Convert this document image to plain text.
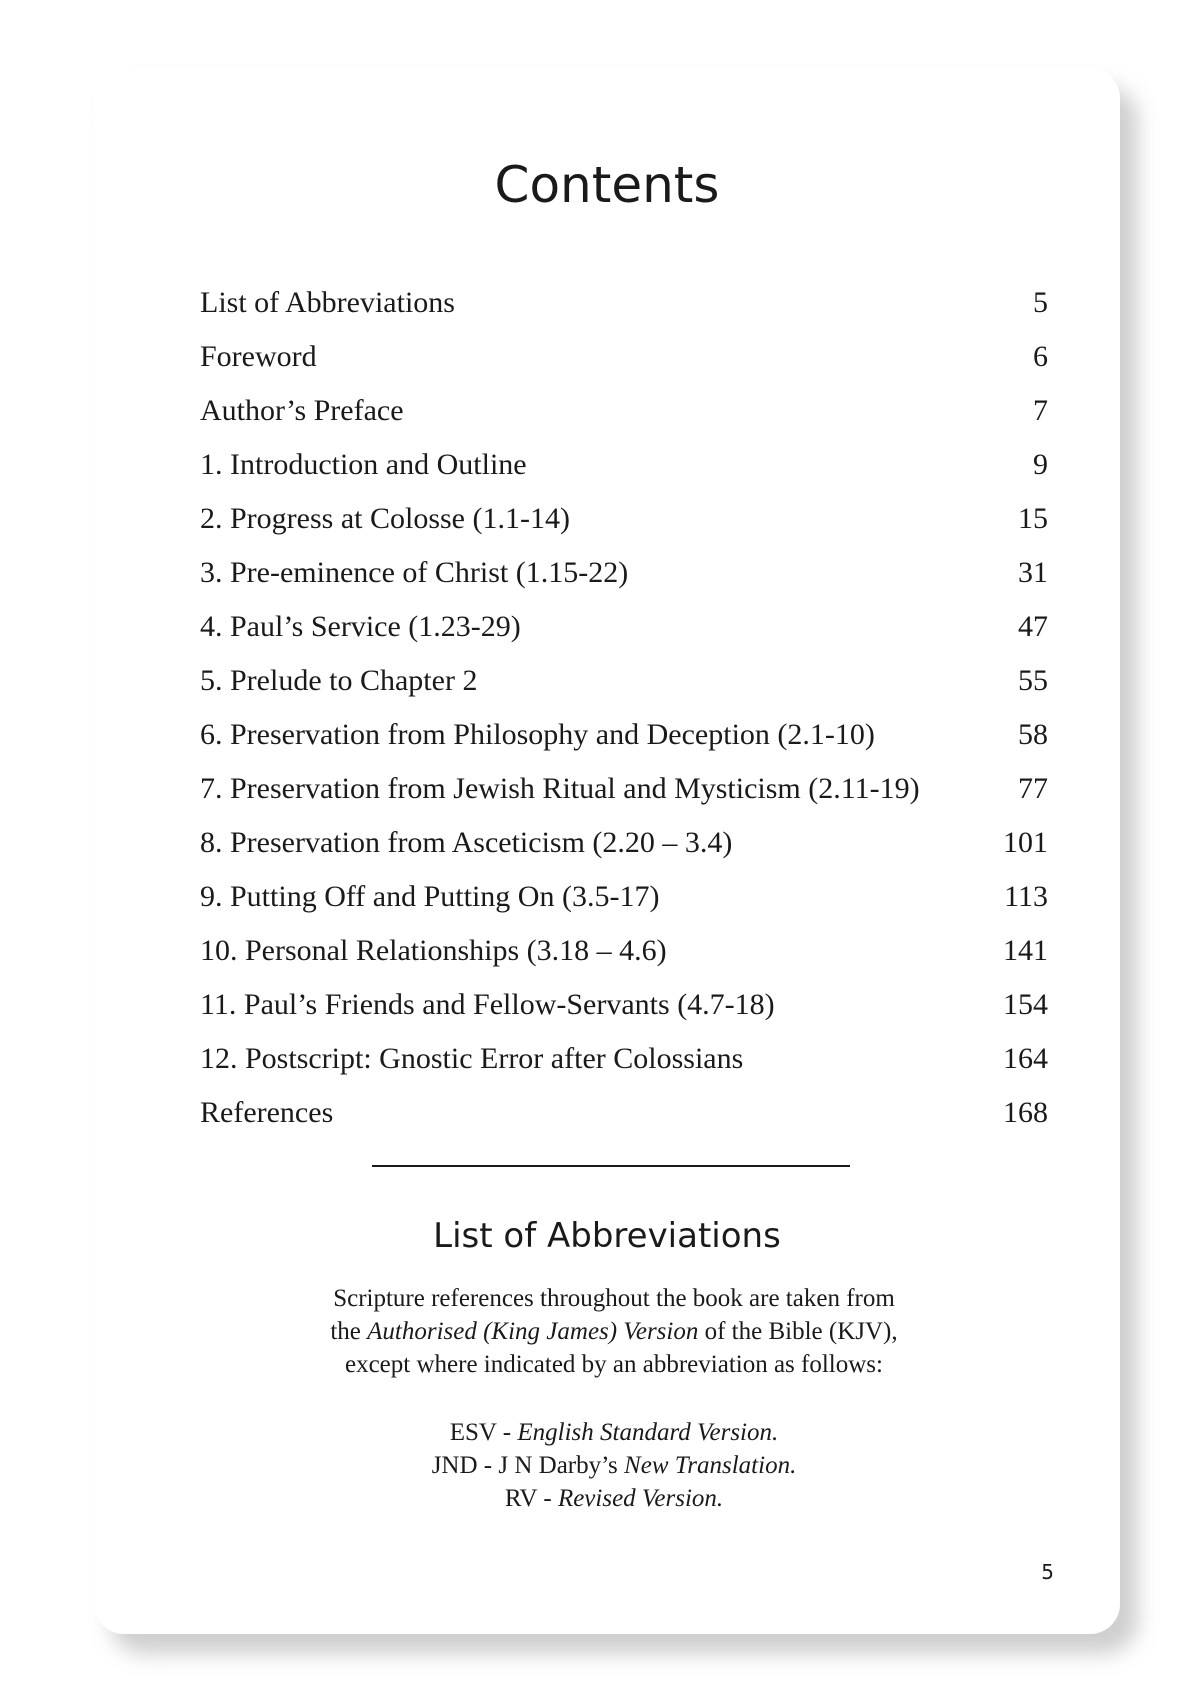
Contents
List of Abbreviations	5
Foreword	6
Author’s Preface	7
1. Introduction and Outline	9
2. Progress at Colosse (1.1-14)	15
3. Pre-eminence of Christ (1.15-22)	31
4. Paul’s Service (1.23-29)	47
5. Prelude to Chapter 2	55
6. Preservation from Philosophy and Deception (2.1-10)	58
7. Preservation from Jewish Ritual and Mysticism (2.11-19)	77
8. Preservation from Asceticism (2.20 – 3.4)	101
9. Putting Off and Putting On (3.5-17)	113
10. Personal Relationships (3.18 – 4.6)	141
11. Paul’s Friends and Fellow-Servants (4.7-18)	154
12. Postscript: Gnostic Error after Colossians	164
References	168
List of Abbreviations

Scripture references throughout the book are taken from
the Authorised (King James) Version of the Bible (KJV),
except where indicated by an abbreviation as follows:

ESV - English Standard Version.
JND - J N Darby’s New Translation.
RV - Revised Version.
5
